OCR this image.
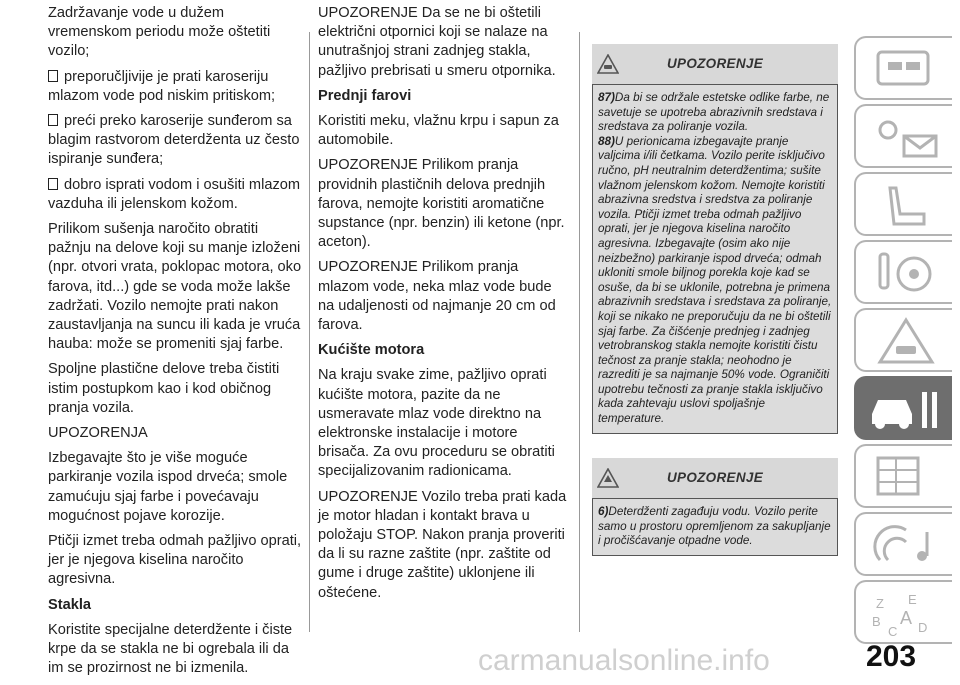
Zadržavanje vode u dužem vremenskom periodu može oštetiti vozilo;

preporučljivije je prati karoseriju mlazom vode pod niskim pritiskom;

preći preko karoserije sunđerom sa blagim rastvorom deterdženta uz često ispiranje sunđera;

dobro isprati vodom i osušiti mlazom vazduha ili jelenskom kožom.

Prilikom sušenja naročito obratiti pažnju na delove koji su manje izloženi (npr. otvori vrata, poklopac motora, oko farova, itd...) gde se voda može lakše zadržati. Vozilo nemojte prati nakon zaustavljanja na suncu ili kada je vruća hauba: može se promeniti sjaj farbe.

Spoljne plastične delove treba čistiti istim postupkom kao i kod običnog pranja vozila.

UPOZORENJA

Izbegavajte što je više moguće parkiranje vozila ispod drveća; smole zamućuju sjaj farbe i povećavaju mogućnost pojave korozije.

Ptičji izmet treba odmah pažljivo oprati, jer je njegova kiselina naročito agresivna.

Stakla

Koristite specijalne deterdžente i čiste krpe da se stakla ne bi ogrebala ili da im se prozirnost ne bi izmenila.

UPOZORENJE Da se ne bi oštetili električni otpornici koji se nalaze na unutrašnjoj strani zadnjeg stakla, pažljivo prebrisati u smeru otpornika.

Prednji farovi

Koristiti meku, vlažnu krpu i sapun za automobile.

UPOZORENJE Prilikom pranja providnih plastičnih delova prednjih farova, nemojte koristiti aromatične supstance (npr. benzin) ili ketone (npr. aceton).

UPOZORENJE Prilikom pranja mlazom vode, neka mlaz vode bude na udaljenosti od najmanje 20 cm od farova.

Kućište motora

Na kraju svake zime, pažljivo oprati kućište motora, pazite da ne usmeravate mlaz vode direktno na elektronske instalacije i motore brisača. Za ovu proceduru se obratiti specijalizovanim radionicama.

UPOZORENJE Vozilo treba prati kada je motor hladan i kontakt brava u položaju STOP. Nakon pranja proveriti da li su razne zaštite (npr. zaštite od gume i druge zaštite) uklonjene ili oštećene.

UPOZORENJE
87)Da bi se održale estetske odlike farbe, ne savetuje se upotreba abrazivnih sredstava i sredstava za poliranje vozila.
88)U perionicama izbegavajte pranje valjcima i/ili četkama. Vozilo perite isključivo ručno, pH neutralnim deterdžentima; sušite vlažnom jelenskom kožom. Nemojte koristiti abrazivna sredstva i sredstva za poliranje vozila. Ptičji izmet treba odmah pažljivo oprati, jer je njegova kiselina naročito agresivna. Izbegavajte (osim ako nije neizbežno) parkiranje ispod drveća; odmah ukloniti smole biljnog porekla koje kad se osuše, da bi se uklonile, potrebna je primena abrazivnih sredstava i sredstava za poliranje, koji se nikako ne preporučuju da ne bi oštetili sjaj farbe. Za čišćenje prednjeg i zadnjeg vetrobranskog stakla nemojte koristiti čistu tečnost za pranje stakla; neohodno je razrediti je sa najmanje 50% vode. Ograničiti upotrebu tečnosti za pranje stakla isključivo kada zahtevaju uslovi spoljašnje temperature.
UPOZORENJE
6)Deterdženti zagađuju vodu. Vozilo perite samo u prostoru opremljenom za sakupljanje i pročišćavanje otpadne vode.
Z E
B A
C D
carmanualsonline.info	203
